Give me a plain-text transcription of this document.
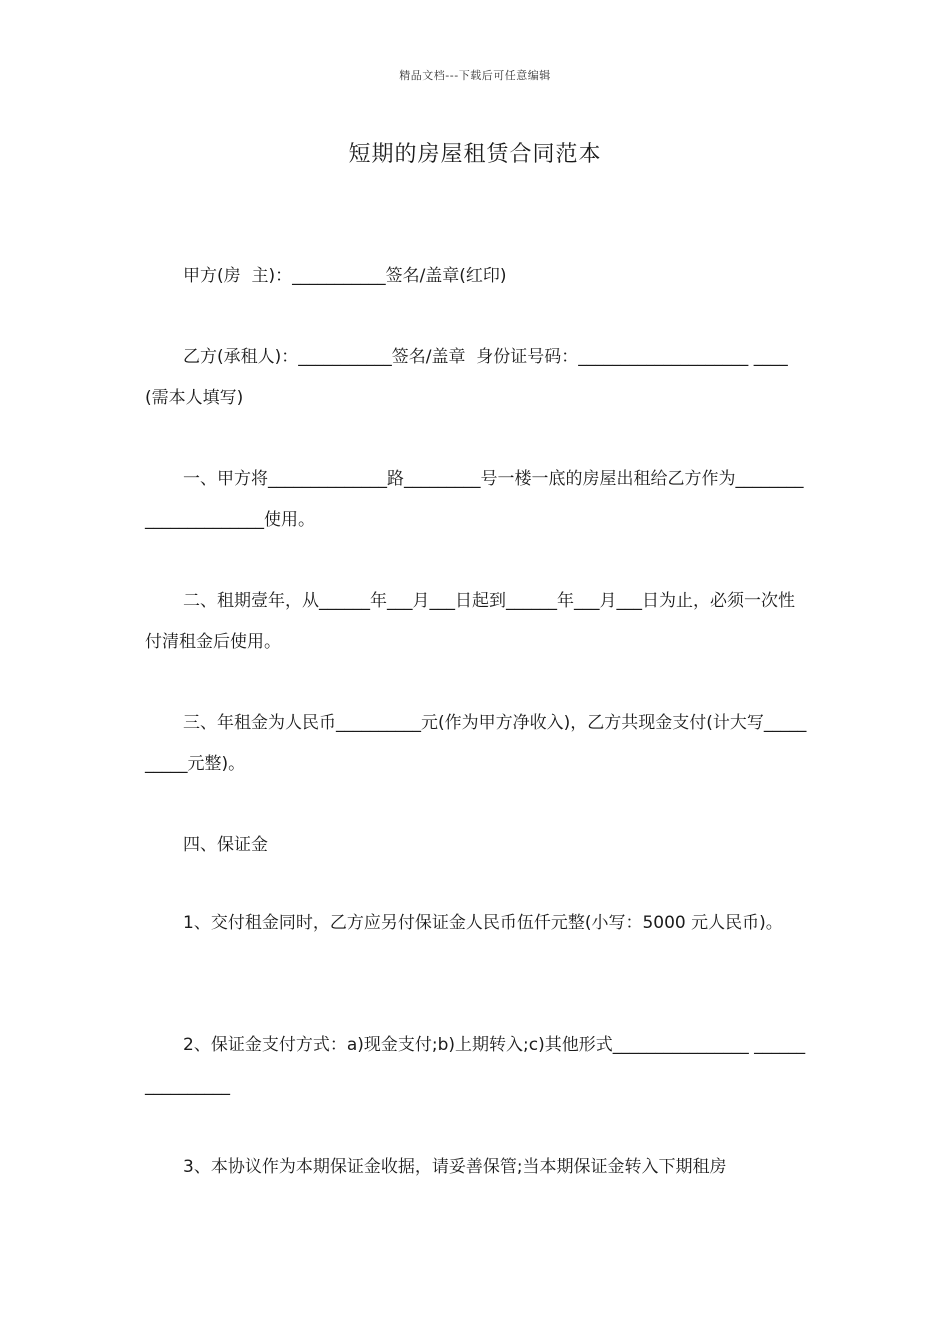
精品文档---下载后可任意编辑
短期的房屋租赁合同范本
甲方(房  主)：___________签名/盖章(红印)
乙方(承租人)：___________签名/盖章  身份证号码：____________________ ____(需本人填写)
一、甲方将______________路_________号一楼一底的房屋出租给乙方作为______________________使用。
二、租期壹年，从______年___月___日起到______年___月___日为止，必须一次性付清租金后使用。
三、年租金为人民币__________元(作为甲方净收入)，乙方共现金支付(计大写__________元整)。
四、保证金
1、交付租金同时，乙方应另付保证金人民币伍仟元整(小写：5000 元人民币)。
2、保证金支付方式：a)现金支付;b)上期转入;c)其他形式________________ ________________
3、本协议作为本期保证金收据，请妥善保管;当本期保证金转入下期租房
